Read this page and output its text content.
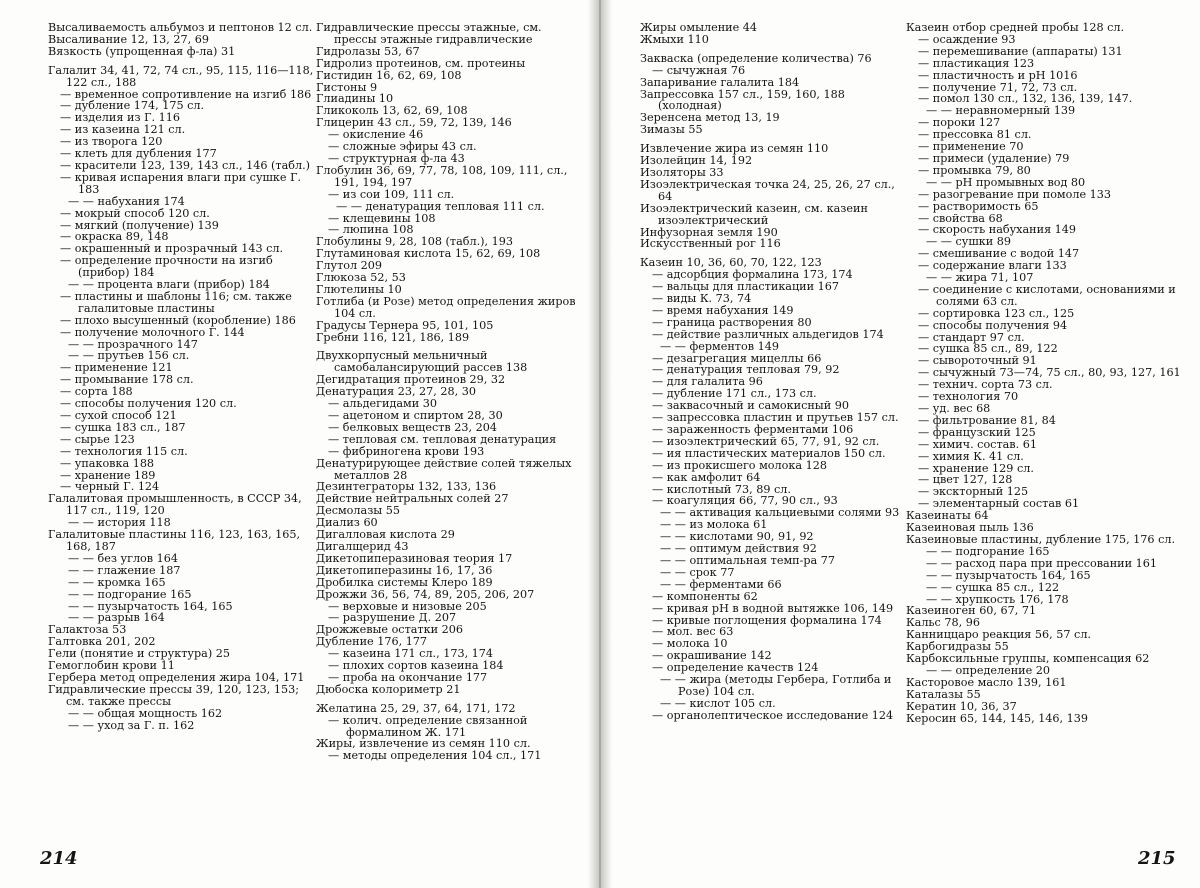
Высаливаемость альбумоз и пептонов 12 сл.

Высаливание 12, 13, 27, 69

Вязкость (упрощенная ф-ла) 31

Галалит 34, 41, 72, 74 сл., 95, 115, 116—118, 122 сл., 188

— временное сопротивление на изгиб 186

— дубление 174, 175 сл.

— изделия из Г. 116

— из казеина 121 сл.

— из творога 120

— клеть для дубления 177

— красители 123, 139, 143 сл., 146 (табл.)

— кривая испарения влаги при сушке Г. 183

— — набухания 174

— мокрый способ 120 сл.

— мягкий (получение) 139

— окраска 89, 148

— окрашенный и прозрачный 143 сл.

— определение прочности на изгиб (прибор) 184

— — процента влаги (прибор) 184

— пластины и шаблоны 116; см. также галалитовые пластины

— плохо высушенный (коробление) 186

— получение молочного Г. 144

— — прозрачного 147

— — прутьев 156 сл.

— применение 121

— промывание 178 сл.

— сорта 188

— способы получения 120 сл.

— сухой способ 121

— сушка 183 сл., 187

— сырье 123

— технология 115 сл.

— упаковка 188

— хранение 189

— черный Г. 124

Галалитовая промышленность, в СССР 34, 117 сл., 119, 120

— — история 118

Галалитовые пластины 116, 123, 163, 165, 168, 187

— — без углов 164

— — глажение 187

— — кромка 165

— — подгорание 165

— — пузырчатость 164, 165

— — разрыв 164

Галактоза 53

Галтовка 201, 202

Гели (понятие и структура) 25

Гемоглобин крови 11

Гербера метод определения жира 104, 171

Гидравлические прессы 39, 120, 123, 153; см. также прессы

— — общая мощность 162

— — уход за Г. п. 162

Гидравлические прессы этажные, см. прессы этажные гидравлические

Гидролазы 53, 67

Гидролиз протеинов, см. протеины

Гистидин 16, 62, 69, 108

Гистоны 9

Глиадины 10

Гликоколь 13, 62, 69, 108

Глицерин 43 сл., 59, 72, 139, 146

— окисление 46

— сложные эфиры 43 сл.

— структурная ф-ла 43

Глобулин 36, 69, 77, 78, 108, 109, 111, сл., 191, 194, 197

— из сои 109, 111 сл.

— — денатурация тепловая 111 сл.

— клещевины 108

— люпина 108

Глобулины 9, 28, 108 (табл.), 193

Глутаминовая кислота 15, 62, 69, 108

Глутол 209

Глюкоза 52, 53

Глютелины 10

Готлиба (и Розе) метод определения жиров 104 сл.

Градусы Тернера 95, 101, 105

Гребни 116, 121, 186, 189

Двухкорпусный мельничный самобалансирующий рассев 138

Дегидратация протеинов 29, 32

Денатурация 23, 27, 28, 30

— альдегидами 30

— ацетоном и спиртом 28, 30

— белковых веществ 23, 204

— тепловая см. тепловая денатурация

— фибриногена крови 193

Денатурирующее действие солей тяжелых металлов 28

Дезинтеграторы 132, 133, 136

Действие нейтральных солей 27

Десмолазы 55

Диализ 60

Дигалловая кислота 29

Дигалщерид 43

Дикетопиперазиновая теория 17

Дикетопиперазины 16, 17, 36

Дробилка системы Клеро 189

Дрожжи 36, 56, 74, 89, 205, 206, 207

— верховые и низовые 205

— разрушение Д. 207

Дрожжевые остатки 206

Дубление 176, 177

— казеина 171 сл., 173, 174

— плохих сортов казеина 184

— проба на окончание 177

Дюбоска колориметр 21

Желатина 25, 29, 37, 64, 171, 172

— колич. определение связанной формалином Ж. 171

Жиры, извлечение из семян 110 сл.

— методы определения 104 сл., 171

214

Жиры омыление 44

Жмыхи 110

Закваска (определение количества) 76

— сычужная 76

Запаривание галалита 184

Запрессовка 157 сл., 159, 160, 188 (холодная)

Зеренсена метод 13, 19

Зимазы 55

Извлечение жира из семян 110

Изолейцин 14, 192

Изоляторы 33

Изоэлектрическая точка 24, 25, 26, 27 сл., 64

Изоэлектрический казеин, см. казеин изоэлектрический

Инфузорная земля 190

Искусственный рог 116

Казеин 10, 36, 60, 70, 122, 123

— адсорбция формалина 173, 174

— вальцы для пластикации 167

— виды К. 73, 74

— время набухания 149

— граница растворения 80

— действие различных альдегидов 174

— — ферментов 149

— дезагрегация мицеллы 66

— денатурация тепловая 79, 92

— для галалита 96

— дубление 171 сл., 173 сл.

— заквасочный и самокисный 90

— запрессовка пластин и прутьев 157 сл.

— зараженность ферментами 106

— изоэлектрический 65, 77, 91, 92 сл.

— ия пластических материалов 150 сл.

— из прокисшего молока 128

— как амфолит 64

— кислотный 73, 89 сл.

— коагуляция 66, 77, 90 сл., 93

— — активация кальциевыми солями 93

— — из молока 61

— — кислотами 90, 91, 92

— — оптимум действия 92

— — оптимальная темп-ра 77

— — срок 77

— — ферментами 66

— компоненты 62

— кривая pH в водной вытяжке 106, 149

— кривые поглощения формалина 174

— мол. вес 63

— молока 10

— окрашивание 142

— определение качеств 124

— — жира (методы Гербера, Готлиба и Розе) 104 сл.

— — кислот 105 сл.

— органолептическое исследование 124

Казеин отбор средней пробы 128 сл.

— осаждение 93

— перемешивание (аппараты) 131

— пластикация 123

— пластичность и pH 1016

— получение 71, 72, 73 сл.

— помол 130 сл., 132, 136, 139, 147.

— — неравномерный 139

— пороки 127

— прессовка 81 сл.

— применение 70

— примеси (удаление) 79

— промывка 79, 80

— — pH промывных вод 80

— разогревание при помоле 133

— растворимость 65

— свойства 68

— скорость набухания 149

— — сушки 89

— смешивание с водой 147

— содержание влаги 133

— — жира 71, 107

— соединение с кислотами, основаниями и солями 63 сл.

— сортировка 123 сл., 125

— способы получения 94

— стандарт 97 сл.

— сушка 85 сл., 89, 122

— сывороточный 91

— сычужный 73—74, 75 сл., 80, 93, 127, 161

— технич. сорта 73 сл.

— технология 70

— уд. вес 68

— фильтрование 81, 84

— французский 125

— химич. состав. 61

— химия К. 41 сл.

— хранение 129 сл.

— цвет 127, 128

— экскторный 125

— элементарный состав 61

Казеинаты 64

Казеиновая пыль 136

Казеиновые пластины, дубление 175, 176 сл.

— — подгорание 165

— — расход пара при прессовании 161

— — пузырчатость 164, 165

— — сушка 85 сл., 122

— — хрупкость 176, 178

Казеиноген 60, 67, 71

Кальс 78, 96

Канниццаро реакция 56, 57 сл.

Карбогидразы 55

Карбоксильные группы, компенсация 62

— — определение 20

Касторовое масло 139, 161

Каталазы 55

Кератин 10, 36, 37

Керосин 65, 144, 145, 146, 139

215
